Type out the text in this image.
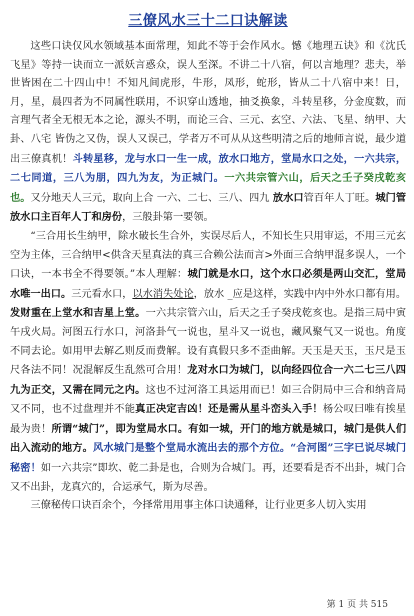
三僚风水三十二口诀解读

这些口诀仅风水领域基本面常理，知此不等于会作风水。憾《地理五诀》和《沈氏飞星》等持一诀而立一派妖言惑众，误人至深。不讲二十八宿，何以言地理？悲夫，举世皆困在二十四山中！不知凡间虎形，牛形，凤形，蛇形，皆从二十八宿中来！日，月，星，晨四者为不同属性联用，不识穿山透地，抽爻换象，斗转星移，分金度数，而言理气者全无根无本之论，源头不明，而论三合、三元、玄空、六法、飞星、纳甲、大卦、八宅 皆伪之又伪，误人又误己，学者万不可从从这些明清之后的地师言说，最少道出三僚真机！斗转星移，龙与水口一生一成，放水口地方，堂局水口之处，一六共宗，二七同道，三八为朋，四九为友，为正城门。一六共宗管六山，后天之壬子癸戌乾亥也。又分地天人三元，取向上合 一六、二七、三八、四九 放水口管百年人丁旺。城门管放水口主百年人丁和房份，三般卦第一要领。

“三合用长生纳甲，除水破长生合外，实误尽后人，不知长生只用审运，不用三元玄空为主体，三合纳甲<供含天星真法的真三合赖公法而言>外面三合纳甲混多误人，一个口诀，一本书全不得要领。”本人理解：城门就是水口，这个水口必须是两山交汇，堂局水唯一出口。三元看水口，以水消失处论，放水 _应是这样，实践中内中外水口都有用。发财重在上堂水和吉星上堂。一六共宗管六山，后天之壬子癸戌乾亥也。是指三局中寅午戌火局。河图五行水口，河洛卦气一说也，星斗又一说也，藏风聚气又一说也。角度不同去论。如用甲去解乙则反而费解。设有真假只多不歪曲解。天玉是天玉，玉尺是玉尺各法不同！况混解反生乱然可合用！龙对水口为城门，以向经四位合一六二七三八四九为正交，又需在同元之内。这也不过河洛工具运用而已！如三合阴局中三合和纳音局又不同，也不过盘理并不能真正决定吉凶！还是需从星斗峦头入手！杨公叹曰唯有挨星最为贵！所谓“城门”，即为堂局水口。有如一城，开门的地方就是城口，城门是供人们出入流动的地方。风水城门是整个堂局水流出去的那个方位。“合河图”三字已说尽城门秘密！如一六共宗”即坎、乾二卦是也，合则为合城门。再，还要看是否不出卦，城门合又不出卦，龙真穴的，合运承气，斯为尽善。

三僚秘传口诀百余个，今择常用用事主体口诀通释，让行业更多人切入实用

第 1 页 共 515
